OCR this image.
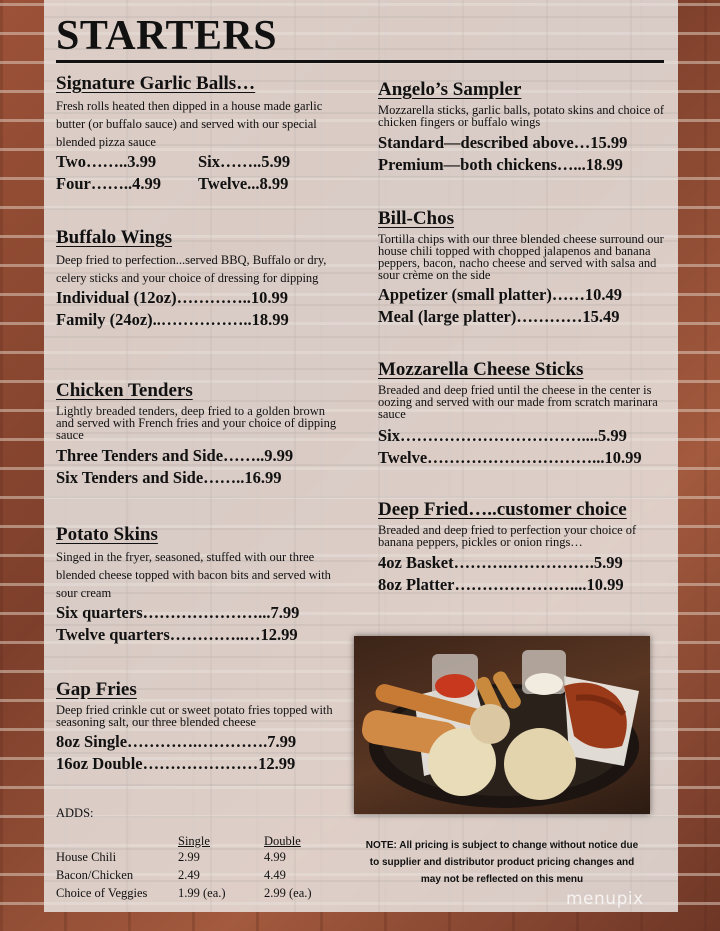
STARTERS
Signature Garlic Balls…
Fresh rolls heated then dipped in a house made garlic butter (or buffalo sauce) and served with our special blended pizza sauce
Two……..3.99	Six……..5.99
Four……..4.99	Twelve...8.99
Buffalo Wings
Deep fried to perfection...served BBQ, Buffalo or dry, celery sticks and your choice of dressing for dipping
Individual (12oz)…………..10.99
Family (24oz)..……………..18.99
Chicken Tenders
Lightly breaded tenders, deep fried to a golden brown and served with French fries and your choice of dipping sauce
Three Tenders and Side……..9.99
Six Tenders and Side……..16.99
Potato Skins
Singed in the fryer, seasoned, stuffed with our three blended cheese topped with bacon bits and served with sour cream
Six quarters…………………...7.99
Twelve quarters…………..…12.99
Gap Fries
Deep fried crinkle cut or sweet potato fries topped with seasoning salt, our three blended cheese
8oz Single………….………….7.99
16oz Double…………………12.99
ADDS:
	Single	Double
House Chili	2.99	4.99
Bacon/Chicken	2.49	4.49
Choice of Veggies	1.99 (ea.)	2.99 (ea.)
Angelo’s Sampler
Mozzarella sticks, garlic balls, potato skins and choice of chicken fingers or buffalo wings
Standard—described above…15.99
Premium—both chickens…...18.99
Bill-Chos
Tortilla chips with our three blended cheese surround our house chili topped with chopped jalapenos and banana peppers, bacon, nacho cheese and served with salsa and sour crème on the side
Appetizer (small platter)……10.49
Meal (large platter)…………15.49
Mozzarella Cheese Sticks
Breaded and deep fried until the cheese in the center is oozing and served with our made from scratch marinara sauce
Six……………………………....5.99
Twelve…………………………...10.99
Deep Fried…..customer choice
Breaded and deep fried to perfection your choice of banana peppers, pickles or onion rings…
4oz Basket……….…………….5.99
8oz Platter…………………....10.99
NOTE: All pricing is subject to change without notice due
to supplier and distributor product pricing changes and
may not be reflected on this menu
menupix
